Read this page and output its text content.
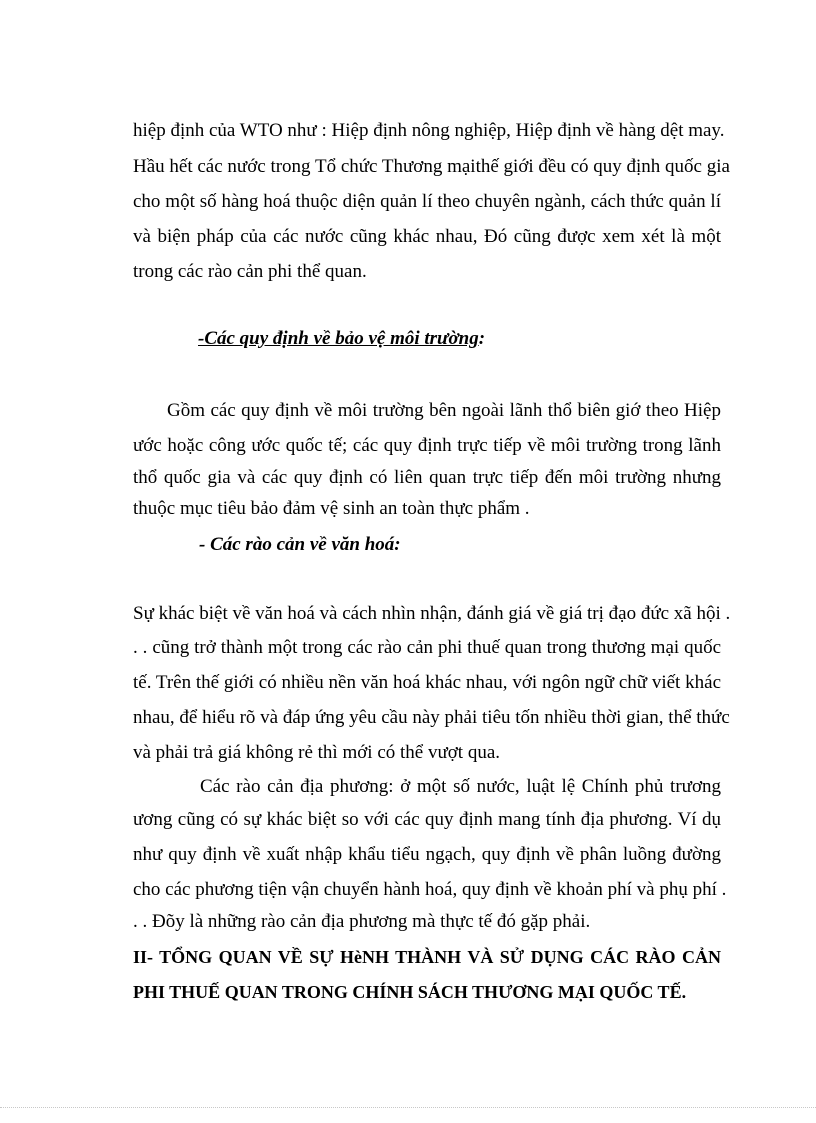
hiệp định của WTO như : Hiệp định nông nghiệp, Hiệp định về hàng dệt may.
Hầu hết các nước trong Tổ chức Thương mạithế giới đều có quy định quốc gia
cho một số hàng hoá thuộc diện quản lí theo chuyên ngành, cách thức quản lí
và biện pháp của các nước cũng khác nhau, Đó cũng được xem xét là một
trong các rào cản phi thể quan.
-Các quy định về bảo vệ môi trường:
Gồm các quy định về môi trường bên ngoài lãnh thổ biên giớ theo Hiệp
ước hoặc công ước quốc tế; các quy định trực tiếp về môi trường trong lãnh
thổ quốc gia và các quy định có liên quan trực tiếp đến môi trường nhưng
thuộc mục tiêu bảo đảm vệ sinh an toàn thực phẩm .
- Các rào cản về văn hoá:
Sự khác biệt về văn hoá và cách nhìn nhận, đánh giá về giá trị đạo đức xã hội .
. . cũng trở thành một trong các rào cản phi thuế quan trong thương mại quốc
tế. Trên thế giới có nhiều nền văn hoá khác nhau, với ngôn ngữ chữ viết khác
nhau, để hiểu rõ và đáp ứng yêu cầu này phải tiêu tốn nhiều thời gian, thể thức
và phải trả giá không rẻ thì mới có thể vượt qua.
Các rào cản địa phương: ở một số nước, luật lệ Chính phủ trương
ương cũng có sự khác biệt so với các quy định mang tính địa phương. Ví dụ
như quy định về xuất nhập khẩu tiểu ngạch, quy định về phân luồng đường
cho các phương tiện vận chuyển hành hoá, quy định về khoản phí và phụ phí .
. . Đõy là những rào cản địa phương mà thực tế đó gặp phải.
II- TỔNG QUAN VỀ SỰ HèNH THÀNH VÀ SỬ DỤNG CÁC RÀO CẢN
PHI THUẾ QUAN TRONG CHÍNH SÁCH THƯƠNG MẠI QUỐC TẾ.
